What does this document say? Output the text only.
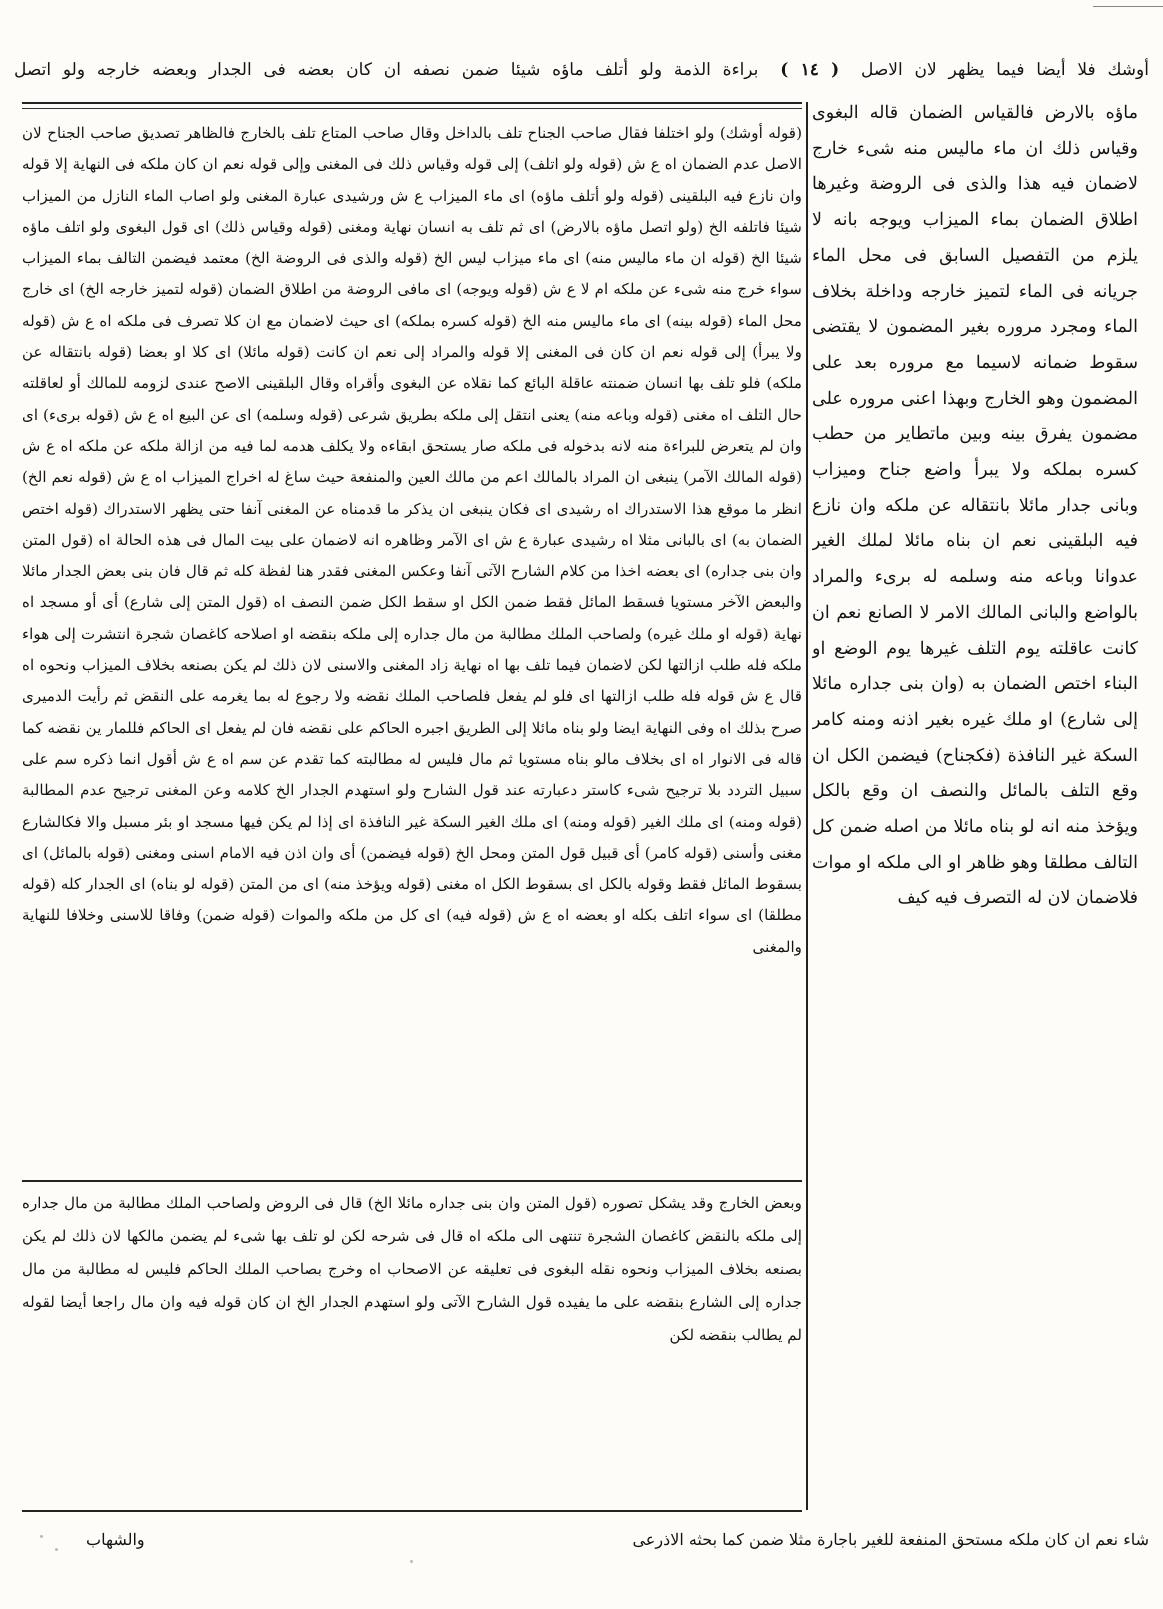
أوشك فلا أيضا فيما يظهر لان الاصل ( ١٤ ) براءة الذمة ولو أتلف ماؤه شيئا ضمن نصفه ان كان بعضه فى الجدار وبعضه خارجه ولو اتصل

ماؤه بالارض فالقياس الضمان قاله البغوى وقياس ذلك ان ماء ماليس منه شىء خارج لاضمان فيه هذا والذى فى الروضة وغيرها اطلاق الضمان بماء الميزاب ويوجه بانه لا يلزم من التفصيل السابق فى محل الماء جريانه فى الماء لتميز خارجه وداخلة بخلاف الماء ومجرد مروره بغير المضمون لا يقتضى سقوط ضمانه لاسيما مع مروره بعد على المضمون وهو الخارج وبهذا اعنى مروره على مضمون يفرق بينه وبين ماتطاير من حطب كسره بملكه ولا يبرأ واضع جناح وميزاب وبانى جدار مائلا بانتقاله عن ملكه وان نازع فيه البلقينى نعم ان بناه مائلا لملك الغير عدوانا وباعه منه وسلمه له برىء والمراد بالواضع والبانى المالك الامر لا الصانع نعم ان كانت عاقلته يوم التلف غيرها يوم الوضع او البناء اختص الضمان به (وان بنى جداره مائلا إلى شارع) او ملك غيره بغير اذنه ومنه كامر السكة غير النافذة (فكجناح) فيضمن الكل ان وقع التلف بالمائل والنصف ان وقع بالكل ويؤخذ منه انه لو بناه مائلا من اصله ضمن كل التالف مطلقا وهو ظاهر او الى ملكه او موات فلاضمان لان له التصرف فيه كيف

(قوله أوشك) ولو اختلفا فقال صاحب الجناح تلف بالداخل وقال صاحب المتاع تلف بالخارج فالظاهر تصديق صاحب الجناح لان الاصل عدم الضمان اه ع ش (قوله ولو اتلف) إلى قوله وقياس ذلك فى المغنى وإلى قوله نعم ان كان ملكه فى النهاية إلا قوله وان نازع فيه البلقينى (قوله ولو أتلف ماؤه) اى ماء الميزاب ع ش ورشيدى عبارة المغنى ولو اصاب الماء النازل من الميزاب شيئا فاتلفه الخ (ولو اتصل ماؤه بالارض) اى ثم تلف به انسان نهاية ومغنى (قوله وقياس ذلك) اى قول البغوى ولو اتلف ماؤه شيئا الخ (قوله ان ماء ماليس منه) اى ماء ميزاب ليس الخ (قوله والذى فى الروضة الخ) معتمد فيضمن التالف بماء الميزاب سواء خرج منه شىء عن ملكه ام لا ع ش (قوله ويوجه) اى مافى الروضة من اطلاق الضمان (قوله لتميز خارجه الخ) اى خارج محل الماء (قوله بينه) اى ماء ماليس منه الخ (قوله كسره بملكه) اى حيث لاضمان مع ان كلا تصرف فى ملكه اه ع ش (قوله ولا يبرأ) إلى قوله نعم ان كان فى المغنى إلا قوله والمراد إلى نعم ان كانت (قوله مائلا) اى كلا او بعضا (قوله بانتقاله عن ملكه) فلو تلف بها انسان ضمنته عاقلة البائع كما نقلاه عن البغوى وأقراه وقال البلقينى الاصح عندى لزومه للمالك أو لعاقلته حال التلف اه مغنى (قوله وباعه منه) يعنى انتقل إلى ملكه بطريق شرعى (قوله وسلمه) اى عن البيع اه ع ش (قوله برىء) اى وان لم يتعرض للبراءة منه لانه بدخوله فى ملكه صار يستحق ابقاءه ولا يكلف هدمه لما فيه من ازالة ملكه عن ملكه اه ع ش (قوله المالك الآمر) ينبغى ان المراد بالمالك اعم من مالك العين والمنفعة حيث ساغ له اخراج الميزاب اه ع ش (قوله نعم الخ) انظر ما موقع هذا الاستدراك اه رشيدى اى فكان ينبغى ان يذكر ما قدمناه عن المغنى آنفا حتى يظهر الاستدراك (قوله اختص الضمان به) اى بالبانى مثلا اه رشيدى عبارة ع ش اى الآمر وظاهره انه لاضمان على بيت المال فى هذه الحالة اه (قول المتن وان بنى جداره) اى بعضه اخذا من كلام الشارح الآتى آنفا وعكس المغنى فقدر هنا لفظة كله ثم قال فان بنى بعض الجدار مائلا والبعض الآخر مستويا فسقط المائل فقط ضمن الكل او سقط الكل ضمن النصف اه (قول المتن إلى شارع) أى أو مسجد اه نهاية (قوله او ملك غيره) ولصاحب الملك مطالبة من مال جداره إلى ملكه بنقضه او اصلاحه كاغصان شجرة انتشرت إلى هواء ملكه فله طلب ازالتها لكن لاضمان فيما تلف بها اه نهاية زاد المغنى والاسنى لان ذلك لم يكن بصنعه بخلاف الميزاب ونحوه اه قال ع ش قوله فله طلب ازالتها اى فلو لم يفعل فلصاحب الملك نقضه ولا رجوع له بما يغرمه على النقض ثم رأيت الدميرى صرح بذلك اه وفى النهاية ايضا ولو بناه مائلا إلى الطريق اجبره الحاكم على نقضه فان لم يفعل اى الحاكم فللمار ين نقضه كما قاله فى الانوار اه اى بخلاف مالو بناه مستويا ثم مال فليس له مطالبته كما تقدم عن سم اه ع ش أقول انما ذكره سم على سبيل التردد بلا ترجيح شىء كاستر دعبارته عند قول الشارح ولو استهدم الجدار الخ كلامه وعن المغنى ترجيح عدم المطالبة (قوله ومنه) اى ملك الغير (قوله ومنه) اى ملك الغير السكة غير النافذة اى إذا لم يكن فيها مسجد او بئر مسبل والا فكالشارع مغنى وأسنى (قوله كامر) أى قبيل قول المتن ومحل الخ (قوله فيضمن) أى وان اذن فيه الامام اسنى ومغنى (قوله بالمائل) اى بسقوط المائل فقط وقوله بالكل اى بسقوط الكل اه مغنى (قوله ويؤخذ منه) اى من المتن (قوله لو بناه) اى الجدار كله (قوله مطلقا) اى سواء اتلف بكله او بعضه اه ع ش (قوله فيه) اى كل من ملكه والموات (قوله ضمن) وفاقا للاسنى وخلافا للنهاية والمغنى

وبعض الخارج وقد يشكل تصوره (قول المتن وان بنى جداره مائلا الخ) قال فى الروض ولصاحب الملك مطالبة من مال جداره إلى ملكه بالنقض كاغصان الشجرة تنتهى الى ملكه اه قال فى شرحه لكن لو تلف بها شىء لم يضمن مالكها لان ذلك لم يكن بصنعه بخلاف الميزاب ونحوه نقله البغوى فى تعليقه عن الاصحاب اه وخرج بصاحب الملك الحاكم فليس له مطالبة من مال جداره إلى الشارع بنقضه على ما يفيده قول الشارح الآتى ولو استهدم الجدار الخ ان كان قوله فيه وان مال راجعا أيضا لقوله لم يطالب بنقضه لكن

شاء نعم ان كان ملكه مستحق المنفعة للغير باجارة مثلا ضمن كما بحثه الاذرعى
والشهاب
